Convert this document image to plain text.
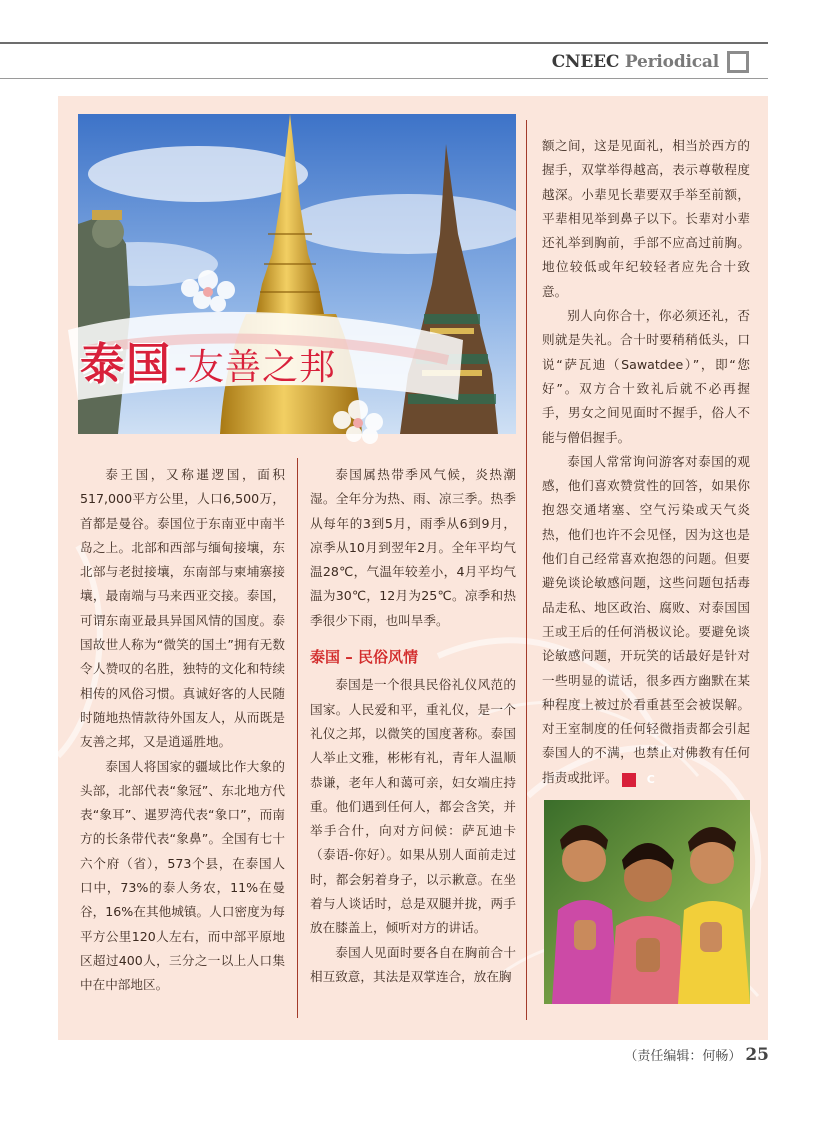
CNEEC Periodical
泰国 -友善之邦

泰王国，又称暹逻国，面积517,000平方公里，人口6,500万，首都是曼谷。泰国位于东南亚中南半岛之上。北部和西部与缅甸接壤，东北部与老挝接壤，东南部与柬埔寨接壤，最南端与马来西亚交接。泰国，可谓东南亚最具异国风情的国度。泰国故世人称为“微笑的国土”拥有无数令人赞叹的名胜，独特的文化和特续相传的风俗习惯。真诚好客的人民随时随地热情款待外国友人，从而既是友善之邦，又是逍遥胜地。

泰国人将国家的疆域比作大象的头部，北部代表“象冠”、东北地方代表“象耳”、暹罗湾代表“象口”，而南方的长条带代表“象鼻”。全国有七十六个府（省），573个县，在泰国人口中，73%的泰人务农，11%在曼谷，16%在其他城镇。人口密度为每平方公里120人左右，而中部平原地区超过400人，三分之一以上人口集中在中部地区。

泰国属热带季风气候，炎热潮湿。全年分为热、雨、凉三季。热季从每年的3到5月，雨季从6到9月，凉季从10月到翌年2月。全年平均气温28℃，气温年较差小，4月平均气温为30℃，12月为25℃。凉季和热季很少下雨，也叫旱季。

泰国 – 民俗风情

泰国是一个很具民俗礼仪风范的国家。人民爱和平，重礼仪，是一个礼仪之邦，以微笑的国度著称。泰国人举止文雅，彬彬有礼，青年人温顺恭谦，老年人和蔼可亲，妇女端庄持重。他们遇到任何人，都会含笑，并举手合什，向对方问候：萨瓦迪卡（泰语-你好）。如果从别人面前走过时，都会躬着身子，以示歉意。在坐着与人谈话时，总是双腿并拢，两手放在膝盖上，倾听对方的讲话。

泰国人见面时要各自在胸前合十相互致意，其法是双掌连合，放在胸

额之间，这是见面礼，相当於西方的握手，双掌举得越高，表示尊敬程度越深。小辈见长辈要双手举至前额，平辈相见举到鼻子以下。长辈对小辈还礼举到胸前，手部不应高过前胸。地位较低或年纪较轻者应先合十致意。

别人向你合十，你必须还礼，否则就是失礼。合十时要稍稍低头，口说“萨瓦迪（Sawatdee）”，即“您好”。双方合十致礼后就不必再握手，男女之间见面时不握手，俗人不能与僧侣握手。

泰国人常常询问游客对泰国的观感，他们喜欢赞赏性的回答，如果你抱怨交通堵塞、空气污染或天气炎热，他们也许不会见怪，因为这也是他们自己经常喜欢抱怨的问题。但要避免谈论敏感问题，这些问题包括毒品走私、地区政治、腐败、对泰国国王或王后的任何消极议论。要避免谈论敏感问题，开玩笑的话最好是针对一些明显的谎话，很多西方幽默在某种程度上被过於看重甚至会被误解。对王室制度的任何轻微指责都会引起泰国人的不满，也禁止对佛教有任何指责或批评。	C

（责任编辑：何畅） 25
